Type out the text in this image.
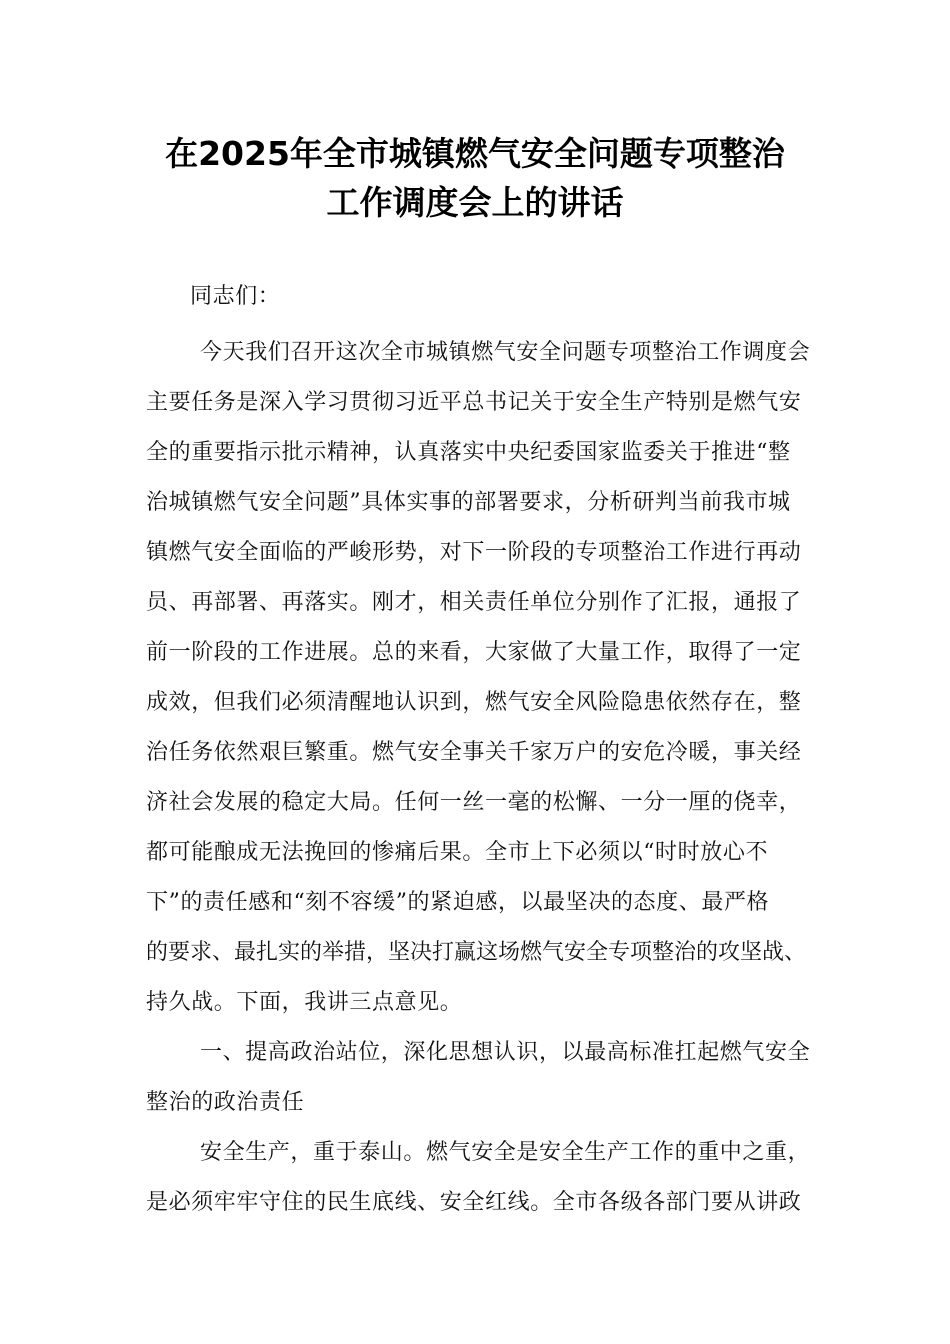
在2025年全市城镇燃气安全问题专项整治
工作调度会上的讲话

同志们：

今天我们召开这次全市城镇燃气安全问题专项整治工作调度会

主要任务是深入学习贯彻习近平总书记关于安全生产特别是燃气安

全的重要指示批示精神，认真落实中央纪委国家监委关于推进“整

治城镇燃气安全问题”具体实事的部署要求，分析研判当前我市城

镇燃气安全面临的严峻形势，对下一阶段的专项整治工作进行再动

员、再部署、再落实。刚才，相关责任单位分别作了汇报，通报了

前一阶段的工作进展。总的来看，大家做了大量工作，取得了一定

成效，但我们必须清醒地认识到，燃气安全风险隐患依然存在，整

治任务依然艰巨繁重。燃气安全事关千家万户的安危冷暖，事关经

济社会发展的稳定大局。任何一丝一毫的松懈、一分一厘的侥幸，

都可能酿成无法挽回的惨痛后果。全市上下必须以“时时放心不

下”的责任感和“刻不容缓”的紧迫感，以最坚决的态度、最严格

的要求、最扎实的举措，坚决打赢这场燃气安全专项整治的攻坚战、

持久战。下面，我讲三点意见。

一、提高政治站位，深化思想认识，以最高标准扛起燃气安全

整治的政治责任

安全生产，重于泰山。燃气安全是安全生产工作的重中之重，

是必须牢牢守住的民生底线、安全红线。全市各级各部门要从讲政
